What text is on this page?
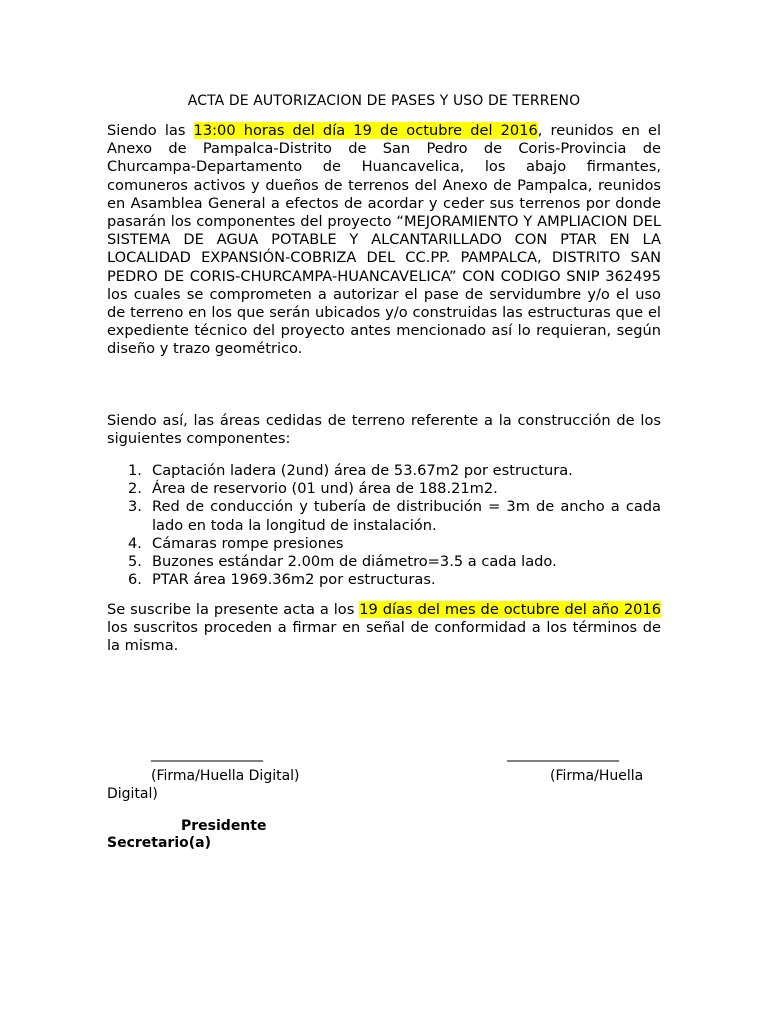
ACTA DE AUTORIZACION DE PASES Y USO DE TERRENO

Siendo las 13:00 horas del día 19 de octubre del 2016, reunidos en el Anexo de Pampalca-Distrito de San Pedro de Coris-Provincia de Churcampa-Departamento de Huancavelica, los abajo firmantes, comuneros activos y dueños de terrenos del Anexo de Pampalca, reunidos en Asamblea General a efectos de acordar y ceder sus terrenos por donde pasarán los componentes del proyecto “MEJORAMIENTO Y AMPLIACION DEL SISTEMA DE AGUA POTABLE Y ALCANTARILLADO CON PTAR EN LA LOCALIDAD EXPANSIÓN-COBRIZA DEL CC.PP. PAMPALCA, DISTRITO SAN PEDRO DE CORIS-CHURCAMPA-HUANCAVELICA” CON CODIGO SNIP 362495 los cuales se comprometen a autorizar el pase de servidumbre y/o el uso de terreno en los que serán ubicados y/o construidas las estructuras que el expediente técnico del proyecto antes mencionado así lo requieran, según diseño y trazo geométrico.

Siendo así, las áreas cedidas de terreno referente a la construcción de los siguientes componentes:

1. Captación ladera (2und) área de 53.67m2 por estructura.
2. Área de reservorio (01 und) área de 188.21m2.
3. Red de conducción y tubería de distribución = 3m de ancho a cada lado en toda la longitud de instalación.
4. Cámaras rompe presiones
5. Buzones estándar 2.00m de diámetro=3.5 a cada lado.
6. PTAR área 1969.36m2 por estructuras.

Se suscribe la presente acta a los 19 días del mes de octubre del año 2016 los suscritos proceden a firmar en señal de conformidad a los términos de la misma.

________________	________________
(Firma/Huella Digital)	(Firma/Huella
Digital)
Presidente
Secretario(a)
